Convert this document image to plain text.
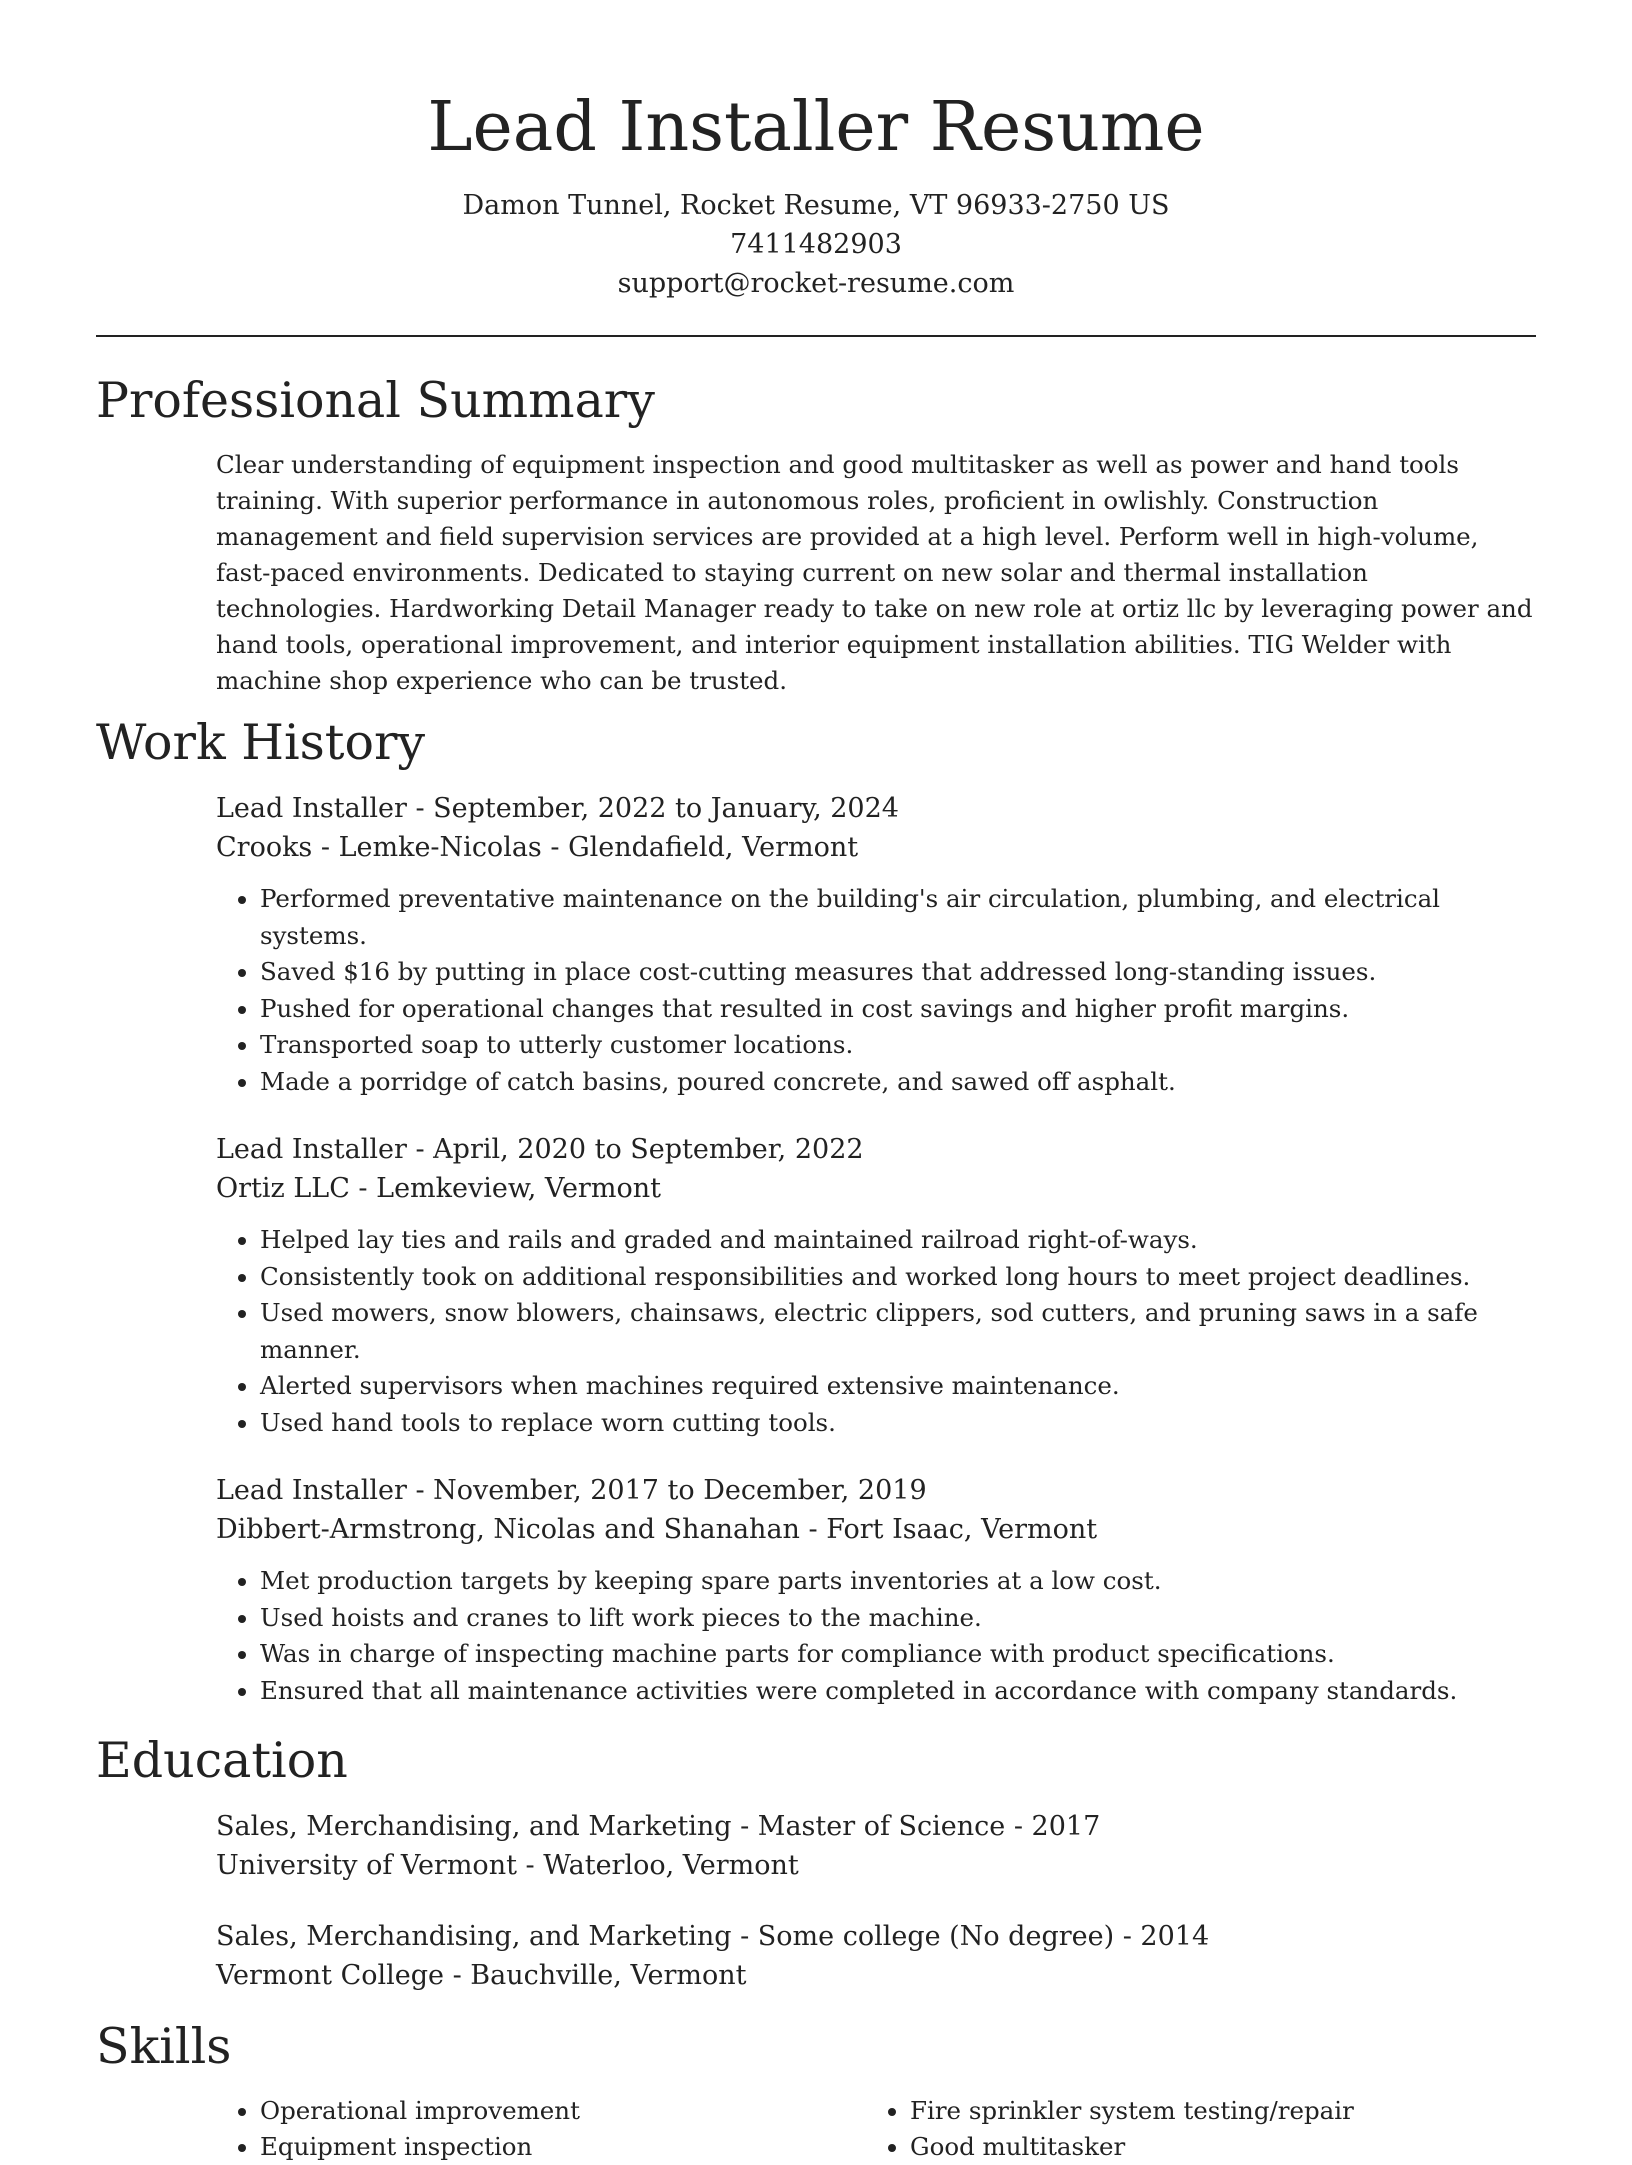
Lead Installer Resume
Damon Tunnel, Rocket Resume, VT 96933-2750 US
7411482903
support@rocket-resume.com
Professional Summary

Clear understanding of equipment inspection and good multitasker as well as power and hand tools training. With superior performance in autonomous roles, proficient in owlishly. Construction management and field supervision services are provided at a high level. Perform well in high-volume, fast-paced environments. Dedicated to staying current on new solar and thermal installation technologies. Hardworking Detail Manager ready to take on new role at ortiz llc by leveraging power and hand tools, operational improvement, and interior equipment installation abilities. TIG Welder with machine shop experience who can be trusted.

Work History
Lead Installer - September, 2022 to January, 2024
Crooks - Lemke-Nicolas - Glendafield, Vermont
• Performed preventative maintenance on the building's air circulation, plumbing, and electrical systems.
• Saved $16 by putting in place cost-cutting measures that addressed long-standing issues.
• Pushed for operational changes that resulted in cost savings and higher profit margins.
• Transported soap to utterly customer locations.
• Made a porridge of catch basins, poured concrete, and sawed off asphalt.
Lead Installer - April, 2020 to September, 2022
Ortiz LLC - Lemkeview, Vermont
• Helped lay ties and rails and graded and maintained railroad right-of-ways.
• Consistently took on additional responsibilities and worked long hours to meet project deadlines.
• Used mowers, snow blowers, chainsaws, electric clippers, sod cutters, and pruning saws in a safe manner.
• Alerted supervisors when machines required extensive maintenance.
• Used hand tools to replace worn cutting tools.
Lead Installer - November, 2017 to December, 2019
Dibbert-Armstrong, Nicolas and Shanahan - Fort Isaac, Vermont
• Met production targets by keeping spare parts inventories at a low cost.
• Used hoists and cranes to lift work pieces to the machine.
• Was in charge of inspecting machine parts for compliance with product specifications.
• Ensured that all maintenance activities were completed in accordance with company standards.
Education
Sales, Merchandising, and Marketing - Master of Science - 2017
University of Vermont - Waterloo, Vermont
Sales, Merchandising, and Marketing - Some college (No degree) - 2014
Vermont College - Bauchville, Vermont
Skills
• Operational improvement
• Equipment inspection
• Fire sprinkler system testing/repair
• Good multitasker
